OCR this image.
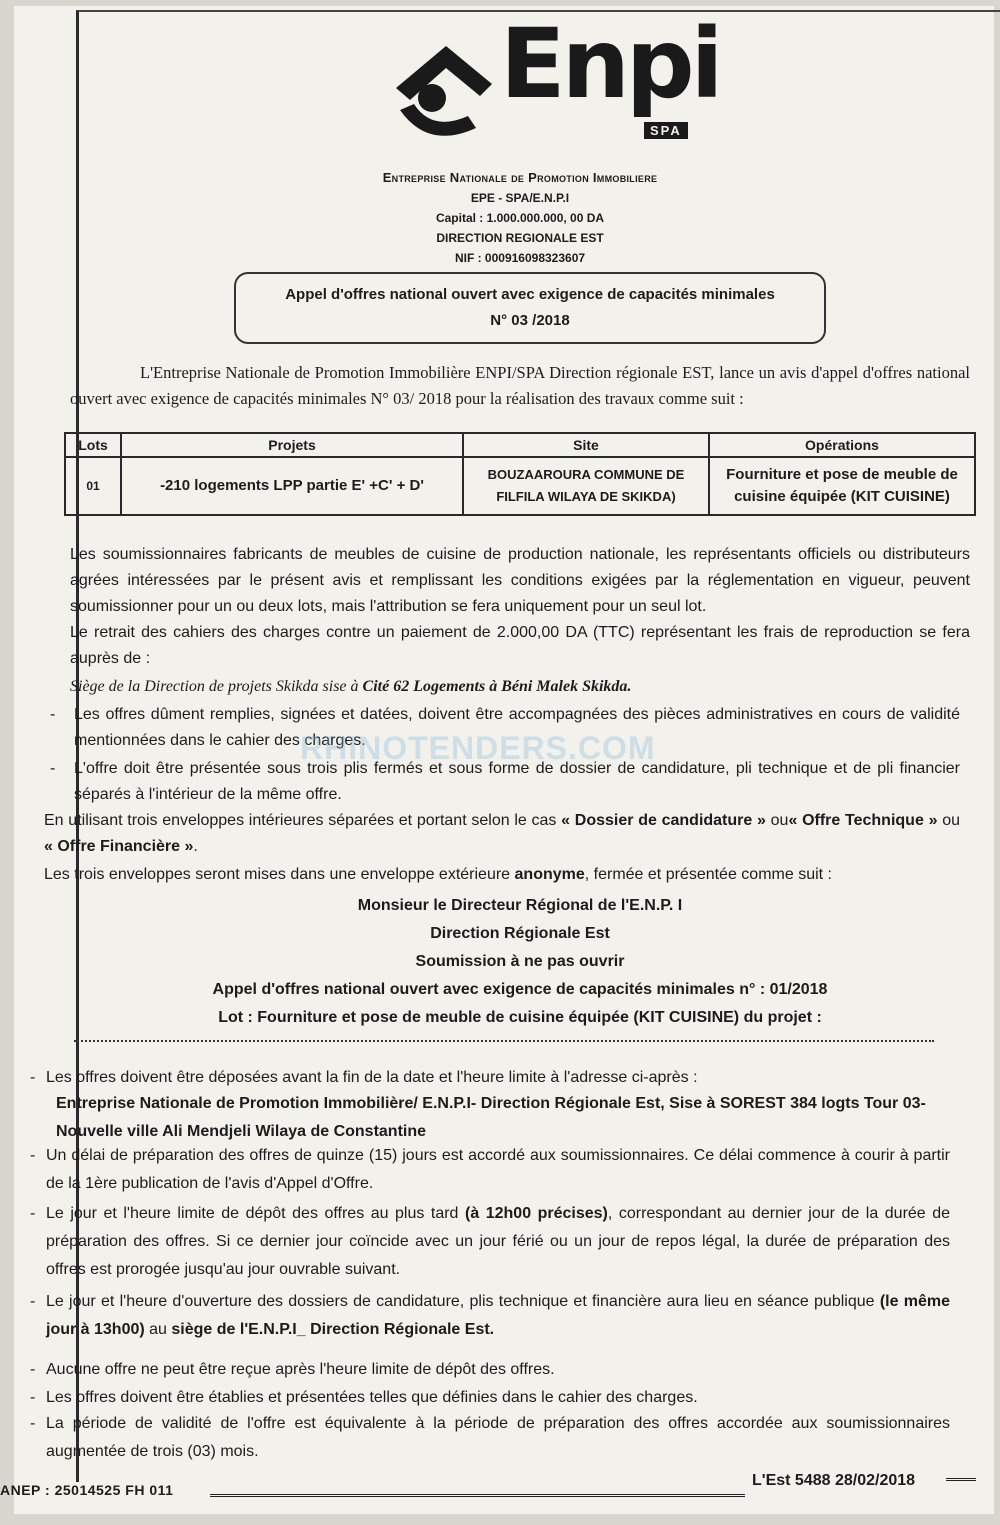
Enpi
SPA
Entreprise Nationale de Promotion Immobiliere
EPE - SPA/E.N.P.I
Capital : 1.000.000.000, 00 DA
DIRECTION REGIONALE EST
NIF : 000916098323607
Appel d'offres national ouvert avec exigence de capacités minimales
N° 03 /2018
L'Entreprise Nationale de Promotion Immobilière ENPI/SPA Direction régionale EST, lance un avis d'appel d'offres national ouvert avec exigence de capacités minimales N° 03/ 2018 pour la réalisation des travaux comme suit :
Lots	Projets	Site	Opérations
01	-210 logements LPP partie E' +C' + D'	BOUZAAROURA COMMUNE DE FILFILA WILAYA DE SKIKDA)	Fourniture et pose de meuble de cuisine équipée (KIT CUISINE)
Les soumissionnaires fabricants de meubles de cuisine de production nationale, les représentants officiels ou distributeurs agrées intéressées par le présent avis et remplissant les conditions exigées par la réglementation en vigueur, peuvent soumissionner pour un ou deux lots, mais l'attribution se fera uniquement pour un seul lot.
Le retrait des cahiers des charges contre un paiement de 2.000,00 DA (TTC) représentant les frais de reproduction se fera auprès de :
Siège de la Direction de projets Skikda sise à Cité 62 Logements à Béni Malek Skikda.
- Les offres dûment remplies, signées et datées, doivent être accompagnées des pièces administratives en cours de validité mentionnées dans le cahier des charges.
- L'offre doit être présentée sous trois plis fermés et sous forme de dossier de candidature, pli technique et de pli financier séparés à l'intérieur de la même offre.
En utilisant trois enveloppes intérieures séparées et portant selon le cas « Dossier de candidature » ou« Offre Technique » ou « Offre Financière ».
Les trois enveloppes seront mises dans une enveloppe extérieure anonyme, fermée et présentée comme suit :
Monsieur le Directeur Régional de l'E.N.P. I
Direction Régionale Est
Soumission à ne pas ouvrir
Appel d'offres national ouvert avec exigence de capacités minimales n° : 01/2018
Lot : Fourniture et pose de meuble de cuisine équipée (KIT CUISINE) du projet :
- Les offres doivent être déposées avant la fin de la date et l'heure limite à l'adresse ci-après :
Entreprise Nationale de Promotion Immobilière/ E.N.P.I- Direction Régionale Est, Sise à SOREST 384 logts Tour 03- Nouvelle ville Ali Mendjeli Wilaya de Constantine
- Un délai de préparation des offres de quinze (15) jours est accordé aux soumissionnaires. Ce délai commence à courir à partir de la 1ère publication de l'avis d'Appel d'Offre.
- Le jour et l'heure limite de dépôt des offres au plus tard (à 12h00 précises), correspondant au dernier jour de la durée de préparation des offres. Si ce dernier jour coïncide avec un jour férié ou un jour de repos légal, la durée de préparation des offres est prorogée jusqu'au jour ouvrable suivant.
- Le jour et l'heure d'ouverture des dossiers de candidature, plis technique et financière aura lieu en séance publique (le même jour à 13h00) au siège de l'E.N.P.I_ Direction Régionale Est.
- Aucune offre ne peut être reçue après l'heure limite de dépôt des offres.
- Les offres doivent être établies et présentées telles que définies dans le cahier des charges.
- La période de validité de l'offre est équivalente à la période de préparation des offres accordée aux soumissionnaires augmentée de trois (03) mois.
RHINOTENDERS.COM
ANEP : 25014525 FH 011
L'Est 5488 28/02/2018
